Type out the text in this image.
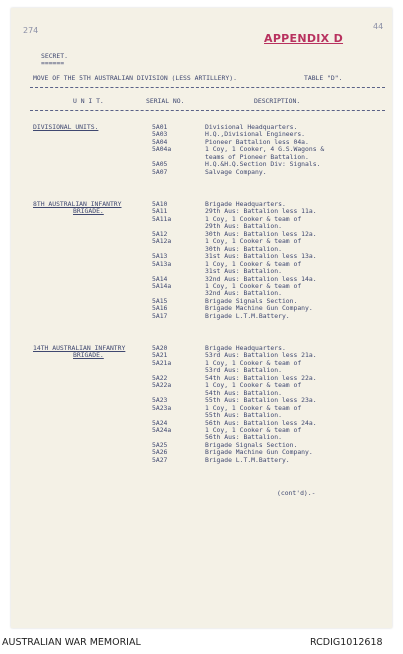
274	44
APPENDIX D
SECRET.
======
MOVE OF THE 5TH AUSTRALIAN DIVISION (LESS ARTILLERY).	TABLE "D".
U N I T.	SERIAL NO.	DESCRIPTION.
DIVISIONAL UNITS.	5A01	Divisional Headquarters.
5A03	H.Q.,Divisional Engineers.
5A04	Pioneer Battalion less 04a.
5A04a	1 Coy, 1 Cooker, 4 G.S.Wagons &
teams of Pioneer Battalion.
5A05	H.Q.&H.Q.Section Div: Signals.
5A07	Salvage Company.
8TH AUSTRALIAN INFANTRY
BRIGADE.
5A10	Brigade Headquarters.
5A11	29th Aus: Battalion less 11a.
5A11a	1 Coy, 1 Cooker & team of
29th Aus: Battalion.
5A12	30th Aus: Battalion less 12a.
5A12a	1 Coy, 1 Cooker & team of
30th Aus: Battalion.
5A13	31st Aus: Battalion less 13a.
5A13a	1 Coy, 1 Cooker & team of
31st Aus: Battalion.
5A14	32nd Aus: Battalion less 14a.
5A14a	1 Coy, 1 Cooker & team of
32nd Aus: Battalion.
5A15	Brigade Signals Section.
5A16	Brigade Machine Gun Company.
5A17	Brigade L.T.M.Battery.
14TH AUSTRALIAN INFANTRY
BRIGADE.
5A20	Brigade Headquarters.
5A21	53rd Aus: Battalion less 21a.
5A21a	1 Coy, 1 Cooker & team of
53rd Aus: Battalion.
5A22	54th Aus: Battalion less 22a.
5A22a	1 Coy, 1 Cooker & team of
54th Aus: Battalion.
5A23	55th Aus: Battalion less 23a.
5A23a	1 Coy, 1 Cooker & team of
55th Aus: Battalion.
5A24	56th Aus: Battalion less 24a.
5A24a	1 Coy, 1 Cooker & team of
56th Aus: Battalion.
5A25	Brigade Signals Section.
5A26	Brigade Machine Gun Company.
5A27	Brigade L.T.M.Battery.
(cont'd).-
AUSTRALIAN WAR MEMORIAL	RCDIG1012618
